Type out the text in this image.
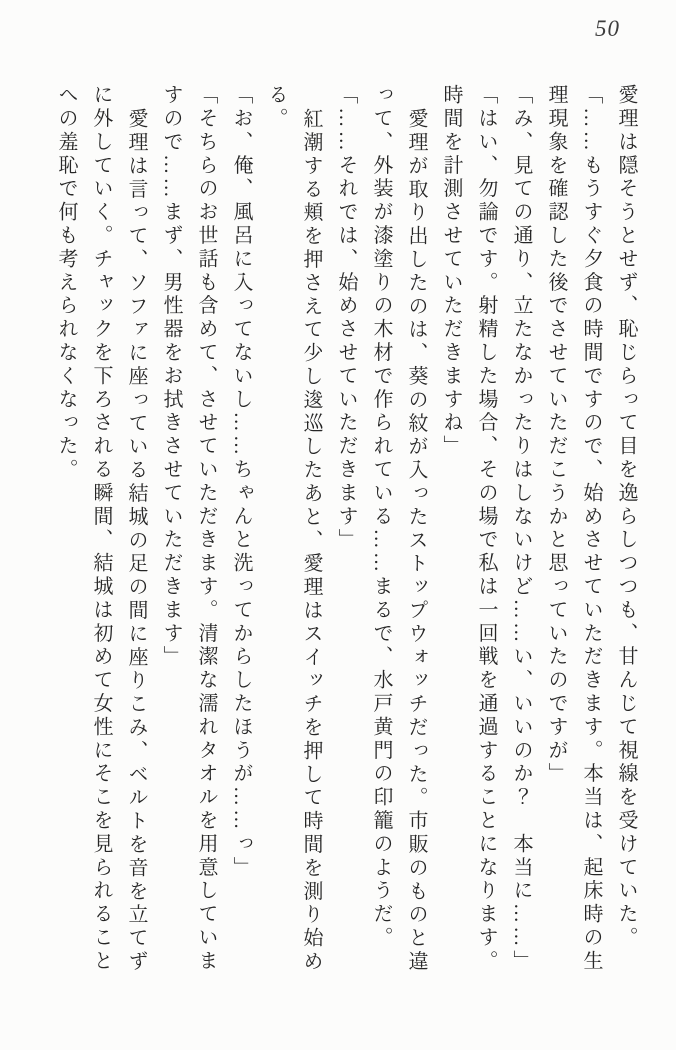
50

愛理は隠そうとせず、恥じらって目を逸らしつつも、甘んじて視線を受けていた。

「……もうすぐ夕食の時間ですので、始めさせていただきます。本当は、起床時の生

理現象を確認した後でさせていただこうかと思っていたのですが」

「み、見ての通り、立たなかったりはしないけど……い、いいのか？　本当に……」

「はい、勿論です。射精した場合、その場で私は一回戦を通過することになります。

時間を計測させていただきますね」

愛理が取り出したのは、葵の紋が入ったストップウォッチだった。市販のものと違

って、外装が漆塗りの木材で作られている……まるで、水戸黄門の印籠のようだ。

「……それでは、始めさせていただきます」

紅潮する頬を押さえて少し逡巡したあと、愛理はスイッチを押して時間を測り始め

る。

「お、俺、風呂に入ってないし……ちゃんと洗ってからしたほうが……っ」

「そちらのお世話も含めて、させていただきます。清潔な濡れタオルを用意していま

すので……まず、男性器をお拭きさせていただきます」

愛理は言って、ソファに座っている結城の足の間に座りこみ、ベルトを音を立てず

に外していく。チャックを下ろされる瞬間、結城は初めて女性にそこを見られること

への羞恥で何も考えられなくなった。
